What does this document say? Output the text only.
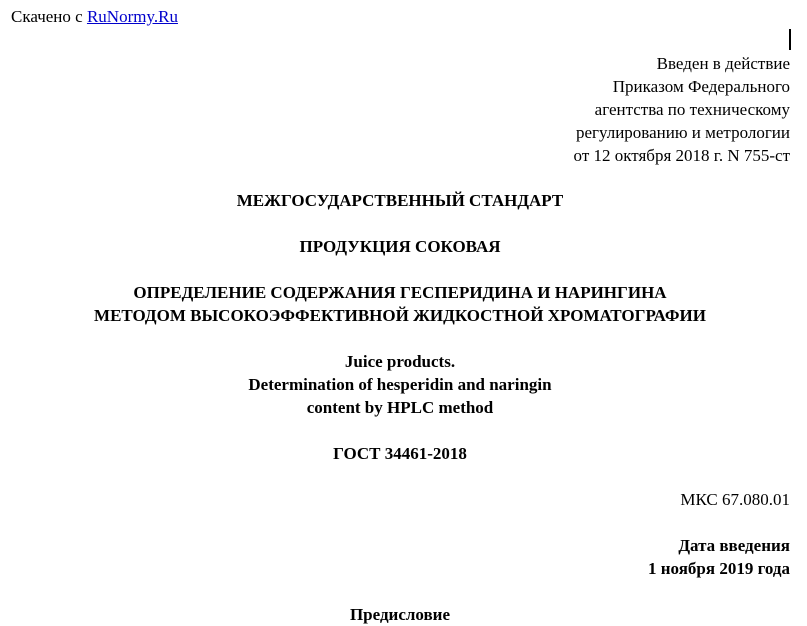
Скачено с RuNormy.Ru
Введен в действие
Приказом Федерального
агентства по техническому
регулированию и метрологии
от 12 октября 2018 г. N 755-ст
МЕЖГОСУДАРСТВЕННЫЙ СТАНДАРТ
ПРОДУКЦИЯ СОКОВАЯ
ОПРЕДЕЛЕНИЕ СОДЕРЖАНИЯ ГЕСПЕРИДИНА И НАРИНГИНА
МЕТОДОМ ВЫСОКОЭФФЕКТИВНОЙ ЖИДКОСТНОЙ ХРОМАТОГРАФИИ
Juice products.
Determination of hesperidin and naringin
content by HPLC method
ГОСТ 34461-2018
МКС 67.080.01
Дата введения
1 ноября 2019 года
Предисловие
